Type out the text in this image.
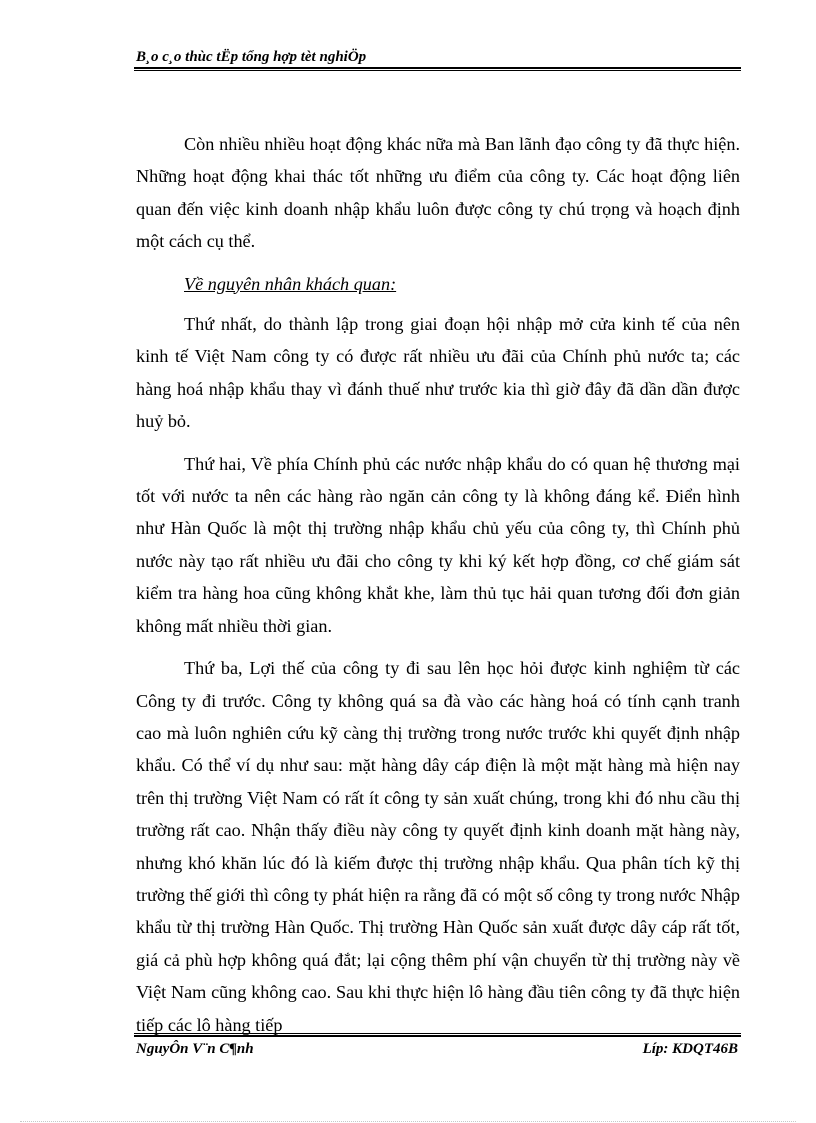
B¸o c¸o thùc tËp tổng hợp tèt nghiÖp

Còn nhiều nhiều hoạt động khác nữa mà Ban lãnh đạo công ty đã thực hiện. Những hoạt động khai thác tốt những ưu điểm của công ty. Các hoạt động liên quan đến việc kinh doanh nhập khẩu luôn được công ty chú trọng và hoạch định một cách cụ thể.

Về nguyên nhân khách quan:

Thứ nhất, do thành lập trong giai đoạn hội nhập mở cửa kinh tế của nên kinh tế Việt Nam công ty có được rất nhiều ưu đãi của Chính phủ nước ta; các hàng hoá nhập khẩu thay vì đánh thuế như trước kia thì giờ đây đã dần dần được huỷ bỏ.

Thứ hai, Về phía Chính phủ các nước nhập khẩu do có quan hệ thương mại tốt với nước ta nên các hàng rào ngăn cản công ty là không đáng kể. Điển hình như Hàn Quốc là một thị trường nhập khẩu chủ yếu của công ty, thì Chính phủ nước này tạo rất nhiều ưu đãi cho công ty khi ký kết hợp đồng, cơ chế giám sát kiểm tra hàng hoa cũng không khắt khe, làm thủ tục hải quan tương đối đơn giản không mất nhiều thời gian.

Thứ ba, Lợi thế của công ty đi sau lên học hỏi được kinh nghiệm từ các Công ty đi trước. Công ty không quá sa đà vào các hàng hoá có tính cạnh tranh cao mà luôn nghiên cứu kỹ càng thị trường trong nước trước khi quyết định nhập khẩu. Có thể ví dụ như sau: mặt hàng dây cáp điện là một mặt hàng mà hiện nay trên thị trường Việt Nam có rất ít công ty sản xuất chúng, trong khi đó nhu cầu thị trường rất cao. Nhận thấy điều này công ty quyết định kinh doanh mặt hàng này, nhưng khó khăn lúc đó là kiếm được thị trường nhập khẩu. Qua phân tích kỹ thị trường thế giới thì công ty phát hiện ra rằng đã có một số công ty trong nước Nhập khẩu từ thị trường Hàn Quốc. Thị trường Hàn Quốc sản xuất được dây cáp rất tốt, giá cả phù hợp không quá đắt; lại cộng thêm phí vận chuyển từ thị trường này về Việt Nam cũng không cao. Sau khi thực hiện lô hàng đầu tiên công ty đã thực hiện tiếp các lô hàng tiếp

NguyÔn V¨n C¶nh	Líp: KDQT46B
